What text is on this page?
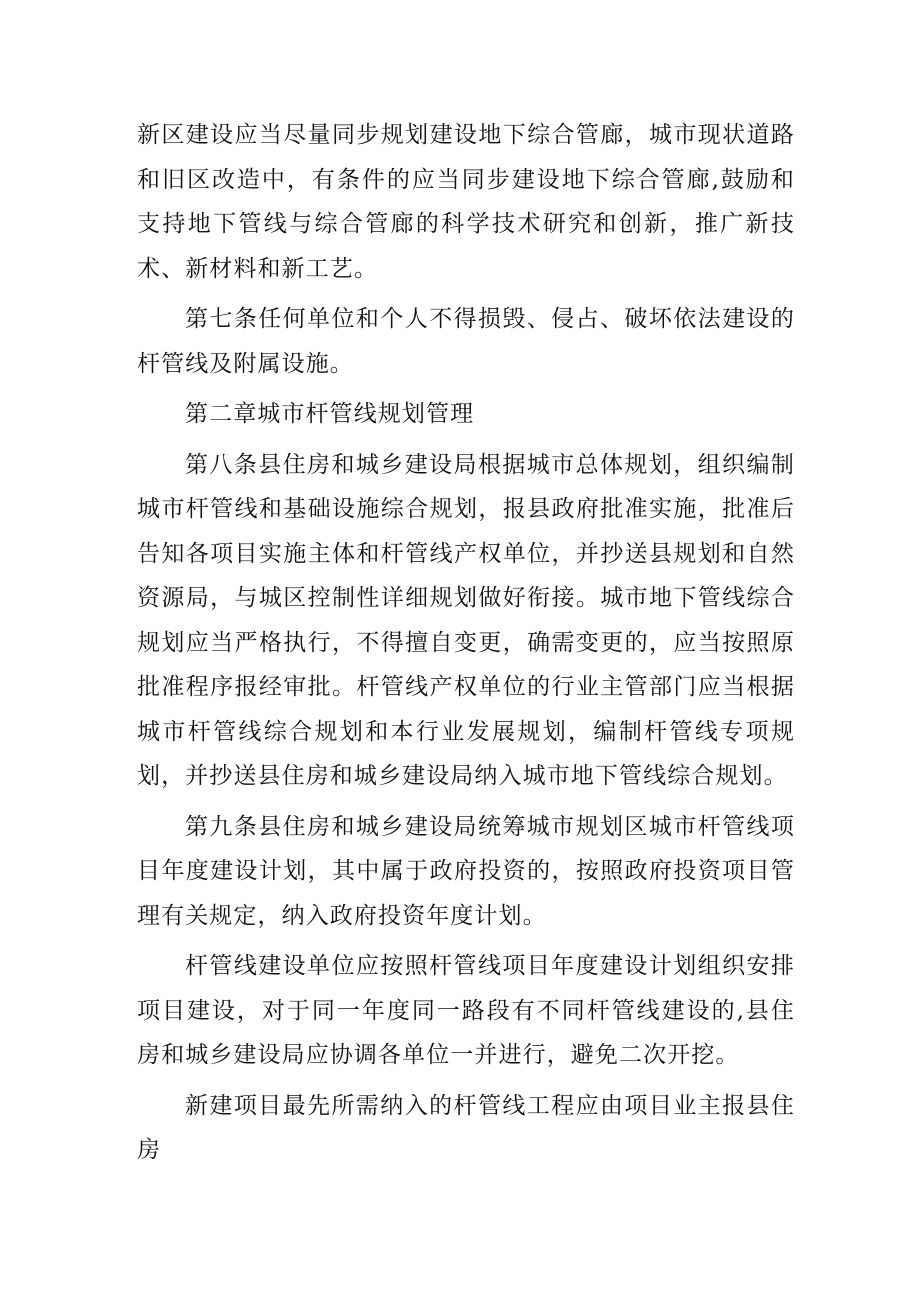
新区建设应当尽量同步规划建设地下综合管廊，城市现状道路和旧区改造中，有条件的应当同步建设地下综合管廊,鼓励和支持地下管线与综合管廊的科学技术研究和创新，推广新技术、新材料和新工艺。

第七条任何单位和个人不得损毁、侵占、破坏依法建设的杆管线及附属设施。

第二章城市杆管线规划管理

第八条县住房和城乡建设局根据城市总体规划，组织编制城市杆管线和基础设施综合规划，报县政府批准实施，批准后告知各项目实施主体和杆管线产权单位，并抄送县规划和自然资源局，与城区控制性详细规划做好衔接。城市地下管线综合规划应当严格执行，不得擅自变更，确需变更的，应当按照原批准程序报经审批。杆管线产权单位的行业主管部门应当根据城市杆管线综合规划和本行业发展规划，编制杆管线专项规划，并抄送县住房和城乡建设局纳入城市地下管线综合规划。

第九条县住房和城乡建设局统筹城市规划区城市杆管线项目年度建设计划，其中属于政府投资的，按照政府投资项目管理有关规定，纳入政府投资年度计划。

杆管线建设单位应按照杆管线项目年度建设计划组织安排项目建设，对于同一年度同一路段有不同杆管线建设的,县住房和城乡建设局应协调各单位一并进行，避免二次开挖。

新建项目最先所需纳入的杆管线工程应由项目业主报县住房
